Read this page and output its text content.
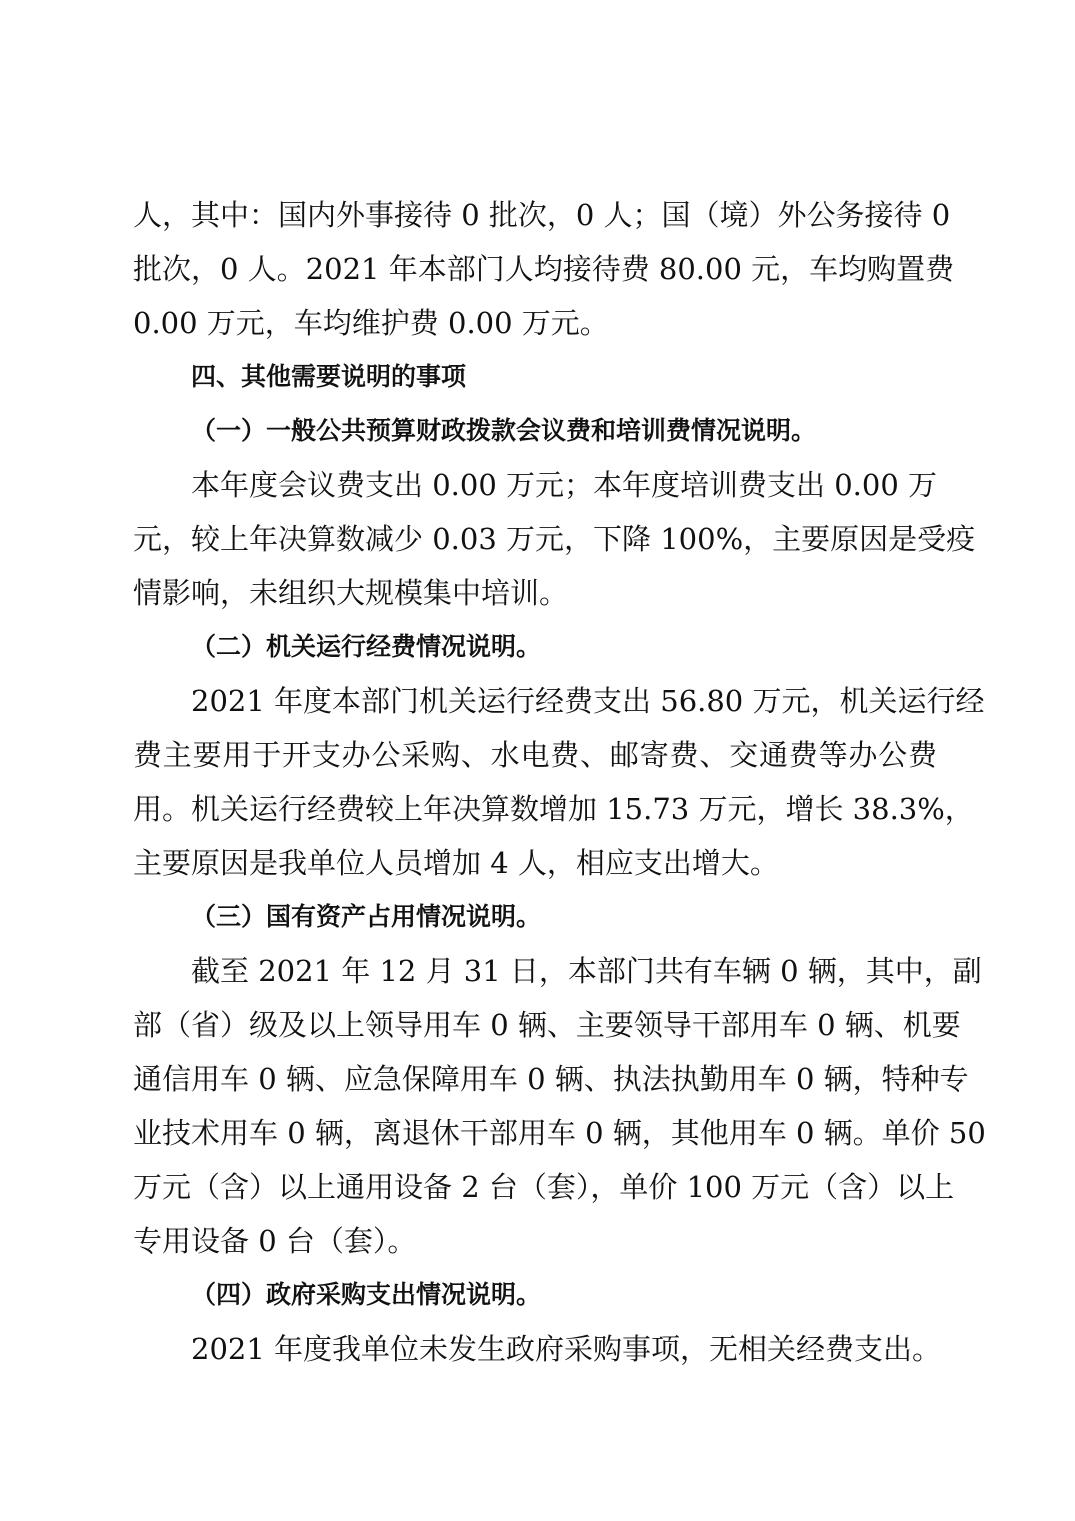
人，其中：国内外事接待 0 批次，0 人；国（境）外公务接待 0
批次，0 人。2021 年本部门人均接待费 80.00 元，车均购置费
0.00 万元，车均维护费 0.00 万元。
四、其他需要说明的事项
（一）一般公共预算财政拨款会议费和培训费情况说明。
本年度会议费支出 0.00 万元；本年度培训费支出 0.00 万
元，较上年决算数减少 0.03 万元，下降 100%，主要原因是受疫
情影响，未组织大规模集中培训。
（二）机关运行经费情况说明。
2021 年度本部门机关运行经费支出 56.80 万元，机关运行经
费主要用于开支办公采购、水电费、邮寄费、交通费等办公费
用。机关运行经费较上年决算数增加 15.73 万元，增长 38.3%，
主要原因是我单位人员增加 4 人，相应支出增大。
（三）国有资产占用情况说明。
截至 2021 年 12 月 31 日，本部门共有车辆 0 辆，其中，副
部（省）级及以上领导用车 0 辆、主要领导干部用车 0 辆、机要
通信用车 0 辆、应急保障用车 0 辆、执法执勤用车 0 辆，特种专
业技术用车 0 辆，离退休干部用车 0 辆，其他用车 0 辆。单价 50
万元（含）以上通用设备 2 台（套），单价 100 万元（含）以上
专用设备 0 台（套）。
（四）政府采购支出情况说明。
2021 年度我单位未发生政府采购事项，无相关经费支出。
